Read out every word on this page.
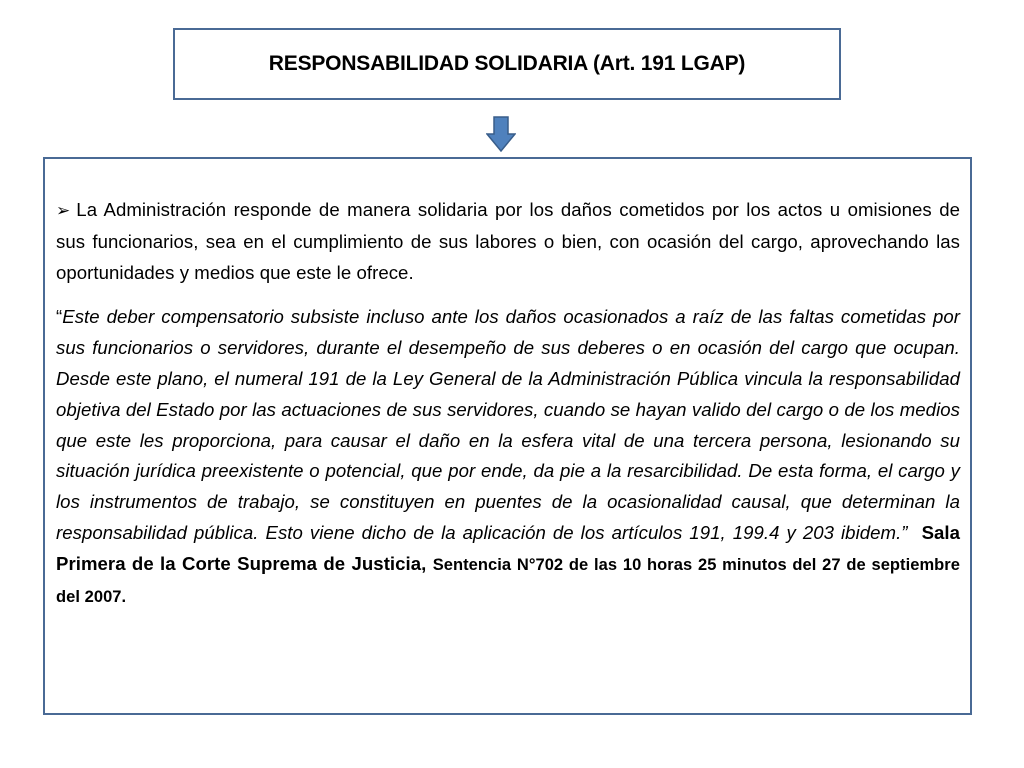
RESPONSABILIDAD SOLIDARIA (Art. 191 LGAP)

➢ La Administración responde de manera solidaria por los daños cometidos por los actos u omisiones de sus funcionarios, sea en el cumplimiento de sus labores o bien, con ocasión del cargo, aprovechando las oportunidades y medios que este le ofrece.

“Este deber compensatorio subsiste incluso ante los daños ocasionados a raíz de las faltas cometidas por sus funcionarios o servidores, durante el desempeño de sus deberes o en ocasión del cargo que ocupan. Desde este plano, el numeral 191 de la Ley General de la Administración Pública vincula la responsabilidad objetiva del Estado por las actuaciones de sus servidores, cuando se hayan valido del cargo o de los medios que este les proporciona, para causar el daño en la esfera vital de una tercera persona, lesionando su situación jurídica preexistente o potencial, que por ende, da pie a la resarcibilidad. De esta forma, el cargo y los instrumentos de trabajo, se constituyen en puentes de la ocasionalidad causal, que determinan la responsabilidad pública. Esto viene dicho de la aplicación de los artículos 191, 199.4 y 203 ibidem.” Sala Primera de la Corte Suprema de Justicia, Sentencia N°702 de las 10 horas 25 minutos del 27 de septiembre del 2007.
